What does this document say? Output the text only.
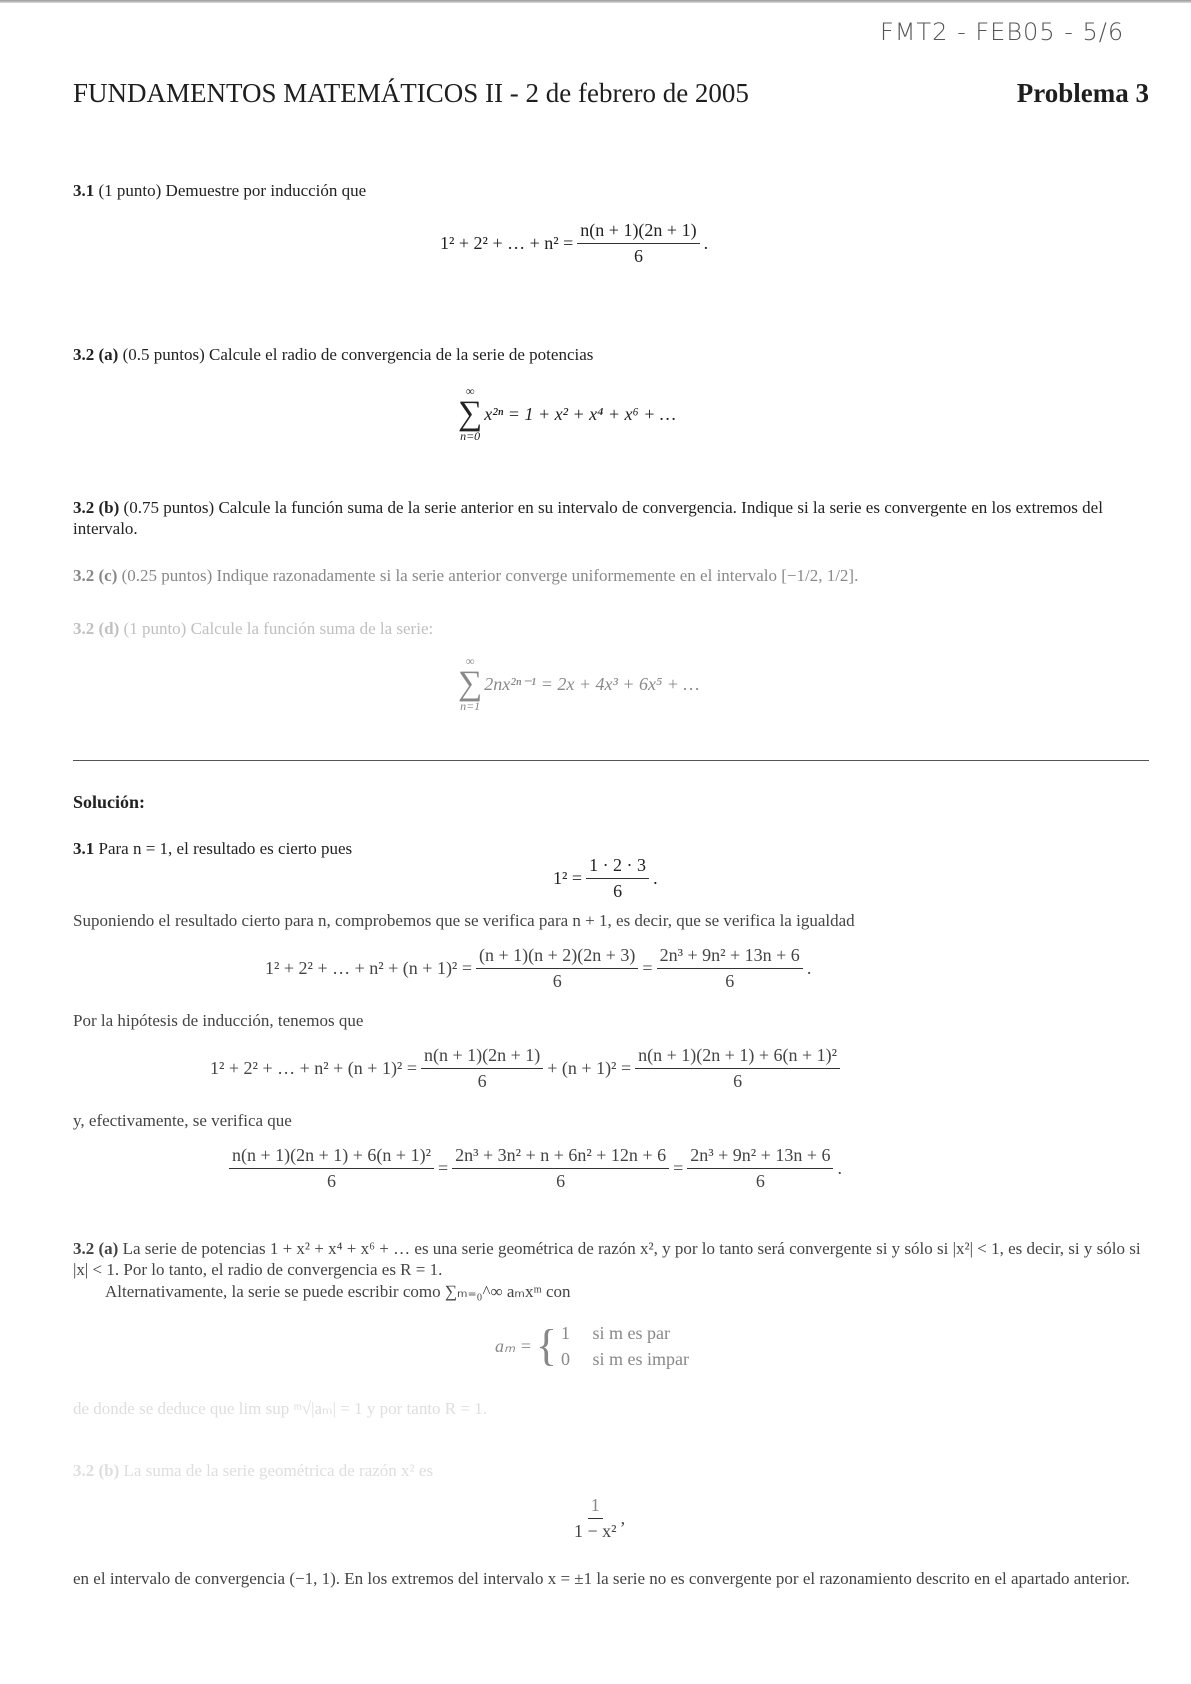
FMT2 - FEB05 - 5/6
FUNDAMENTOS MATEMÁTICOS II - 2 de febrero de 2005	Problema 3
3.1 (1 punto) Demuestre por inducción que
1² + 2² + … + $n^2 = \frac{n(n + 1)(2n + 1)}{6}$ .
3.2 (a) (0.5 puntos) Calcule el radio de convergencia de la serie de potencias
∞
∑
n=0
x²ⁿ = 1 + x² + x⁴ + x⁶ + …
3.2 (b) (0.75 puntos) Calcule la función suma de la serie anterior en su intervalo de convergencia. Indique si la serie es convergente en los extremos del intervalo.
3.2 (c) (0.25 puntos) Indique razonadamente si la serie anterior converge uniformemente en el intervalo [−1/2, 1/2].
3.2 (d) (1 punto) Calcule la función suma de la serie:
∞
∑
n=1
2nx²ⁿ⁻¹ = 2x + 4x³ + 6x⁵ + …
Solución:
3.1 Para n = 1, el resultado es cierto pues
$1^2 = \frac{1 \cdot 2 \cdot 3}{6}$ .
Suponiendo el resultado cierto para n, comprobemos que se verifica para n + 1, es decir, que se verifica la igualdad
1² + 2² + … + $n^2 + (n + 1)^2 = \frac{(n + 1)(n + 2)(2n + 3)}{6} = \frac{\text{2n³ + 9n² + 13n + 6}}{6}$ .
Por la hipótesis de inducción, tenemos que
1² + 2² + … + $n^2 + (n + 1)^2 = \frac{n(n + 1)(2n + 1)}{6} + (n + 1)^2 = \frac{\text{n(n + 1)(2n + 1) + 6(n + 1)²}}{6}$
y, efectivamente, se verifica que
$\frac{\text{n(n + 1)(2n + 1) + 6(n + 1)²}}{6} = \frac{\text{2n³ + 3n² + n + 6n² + 12n + 6}}{6} = \frac{\text{2n³ + 9n² + 13n + 6}}{6}$ .
3.2 (a) La serie de potencias 1 + x² + x⁴ + x⁶ + … es una serie geométrica de razón x², y por lo tanto será convergente si y sólo si |x²| < 1, es decir, si y sólo si |x| < 1. Por lo tanto, el radio de convergencia es R = 1.
Alternativamente, la serie se puede escribir como ∑ₘ₌₀^∞ aₘxᵐ con
aₘ = { 1     si m es par
0     si m es impar
de donde se deduce que lim sup ᵐ√|aₘ| = 1 y por tanto R = 1.
3.2 (b) La suma de la serie geométrica de razón x² es
$\frac{1}{\text{1 − x²}}$ ,
en el intervalo de convergencia (−1, 1). En los extremos del intervalo x = ±1 la serie no es convergente por el razonamiento descrito en el apartado anterior.
